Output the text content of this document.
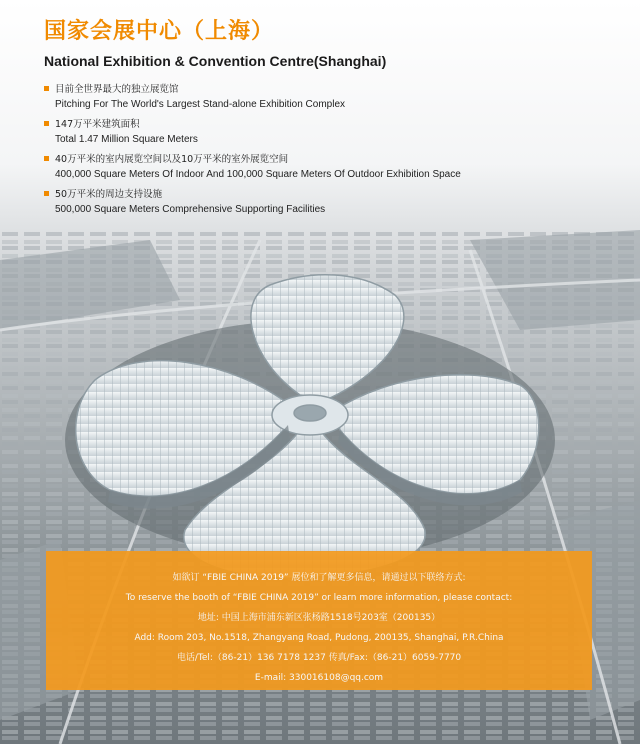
国家会展中心（上海）
National Exhibition & Convention Centre(Shanghai)
目前全世界最大的独立展览馆
Pitching For The World's Largest Stand-alone Exhibition Complex
147万平米建筑面积
Total 1.47 Million Square Meters
40万平米的室内展览空间以及10万平米的室外展览空间
400,000 Square Meters Of Indoor And 100,000 Square Meters Of Outdoor Exhibition Space
50万平米的周边支持设施
500,000 Square Meters Comprehensive Supporting Facilities
如欲订 “FBIE CHINA 2019” 展位和了解更多信息，请通过以下联络方式:
To reserve the booth of “FBIE CHINA 2019” or learn more information, please contact:
地址: 中国上海市浦东新区张杨路1518号203室（200135）
Add: Room 203, No.1518, Zhangyang Road, Pudong, 200135, Shanghai, P.R.China
电话/Tel:（86-21）136 7178 1237 传真/Fax:（86-21）6059-7770
E-mail: 330016108@qq.com
